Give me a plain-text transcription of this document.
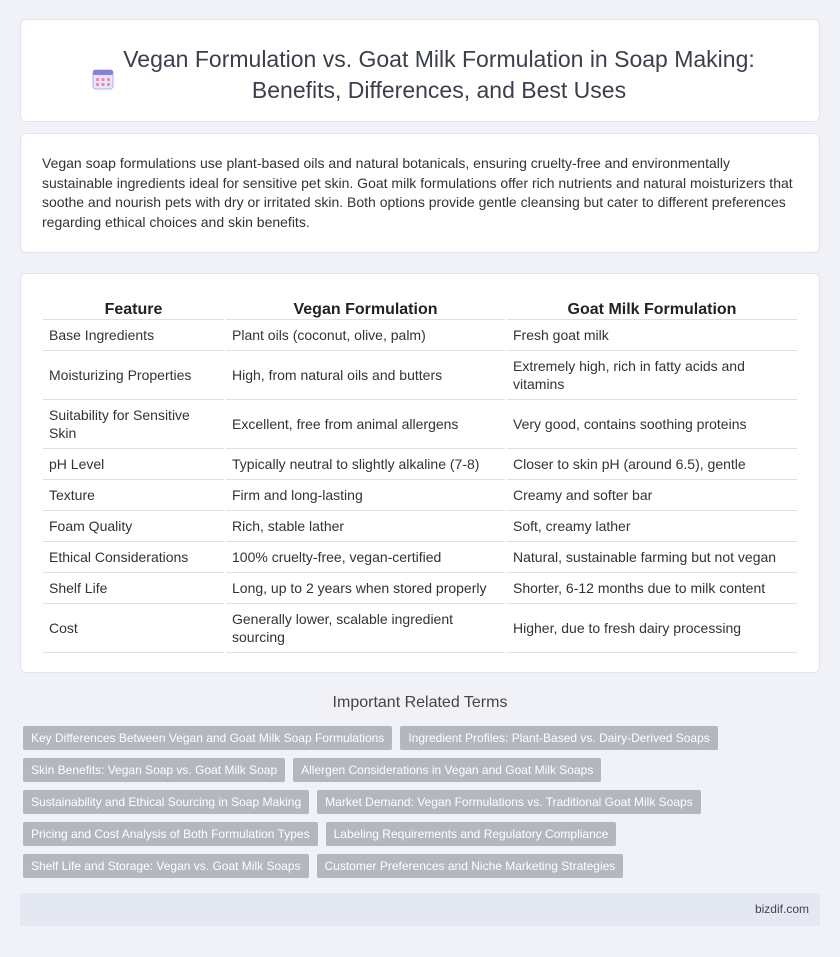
Vegan Formulation vs. Goat Milk Formulation in Soap Making: Benefits, Differences, and Best Uses

Vegan soap formulations use plant-based oils and natural botanicals, ensuring cruelty-free and environmentally sustainable ingredients ideal for sensitive pet skin. Goat milk formulations offer rich nutrients and natural moisturizers that soothe and nourish pets with dry or irritated skin. Both options provide gentle cleansing but cater to different preferences regarding ethical choices and skin benefits.

Feature	Vegan Formulation	Goat Milk Formulation
Base Ingredients	Plant oils (coconut, olive, palm)	Fresh goat milk
Moisturizing Properties	High, from natural oils and butters	Extremely high, rich in fatty acids and vitamins
Suitability for Sensitive Skin	Excellent, free from animal allergens	Very good, contains soothing proteins
pH Level	Typically neutral to slightly alkaline (7-8)	Closer to skin pH (around 6.5), gentle
Texture	Firm and long-lasting	Creamy and softer bar
Foam Quality	Rich, stable lather	Soft, creamy lather
Ethical Considerations	100% cruelty-free, vegan-certified	Natural, sustainable farming but not vegan
Shelf Life	Long, up to 2 years when stored properly	Shorter, 6-12 months due to milk content
Cost	Generally lower, scalable ingredient sourcing	Higher, due to fresh dairy processing
Important Related Terms
Key Differences Between Vegan and Goat Milk Soap Formulations	Ingredient Profiles: Plant-Based vs. Dairy-Derived Soaps
Skin Benefits: Vegan Soap vs. Goat Milk Soap	Allergen Considerations in Vegan and Goat Milk Soaps
Sustainability and Ethical Sourcing in Soap Making	Market Demand: Vegan Formulations vs. Traditional Goat Milk Soaps
Pricing and Cost Analysis of Both Formulation Types	Labeling Requirements and Regulatory Compliance
Shelf Life and Storage: Vegan vs. Goat Milk Soaps	Customer Preferences and Niche Marketing Strategies
bizdif.com
